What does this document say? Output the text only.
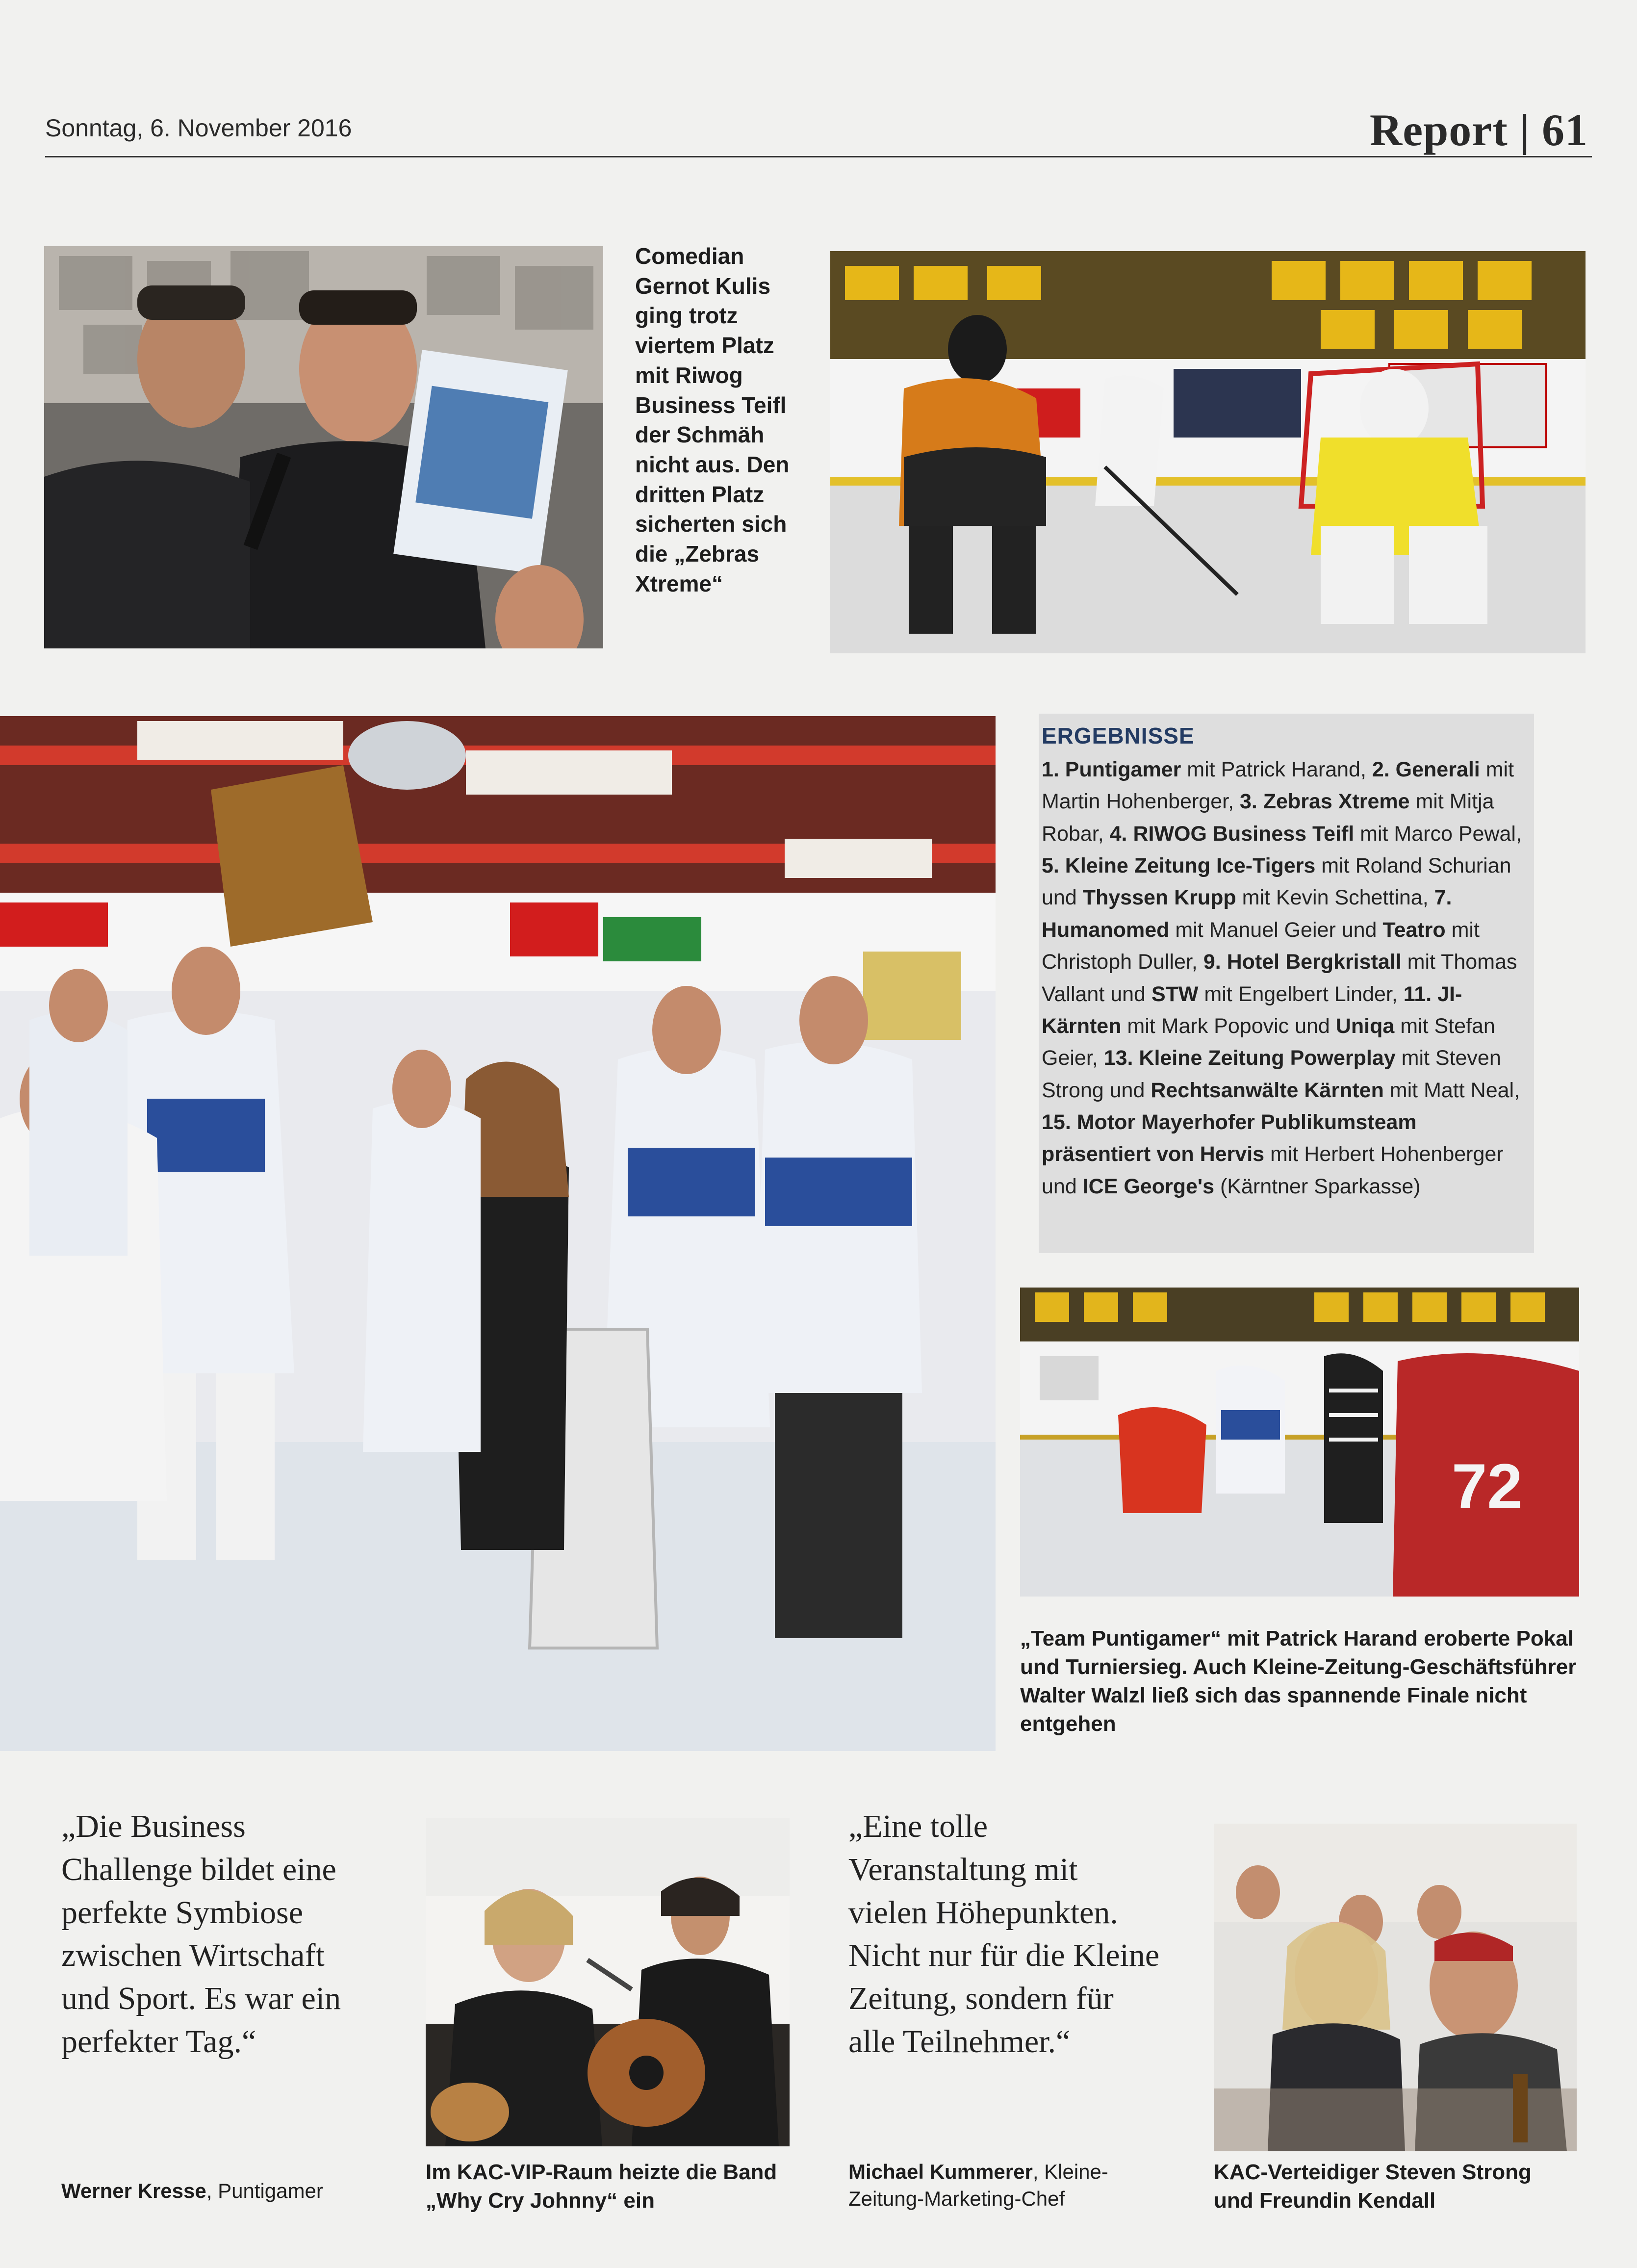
Sonntag, 6. November 2016	Report | 61
Comedian Gernot Kulis ging trotz viertem Platz mit Riwog Business Teifl der Schmäh nicht aus. Den dritten Platz sicherten sich die „Zebras Xtreme“
ERGEBNISSE
1. Puntigamer mit Patrick Harand, 2. Generali mit Martin Hohenberger, 3. Zebras Xtreme mit Mitja Robar, 4. RIWOG Business Teifl mit Marco Pewal, 5. Kleine Zeitung Ice-Tigers mit Roland Schurian und Thyssen Krupp mit Kevin Schettina, 7. Humanomed mit Manuel Geier und Teatro mit Christoph Duller, 9. Hotel Bergkristall mit Thomas Vallant und STW mit Engelbert Linder, 11. JI-Kärnten mit Mark Popovic und Uniqa mit Stefan Geier, 13. Kleine Zeitung Powerplay mit Steven Strong und Rechtsanwälte Kärnten mit Matt Neal, 15. Motor Mayerhofer Publikumsteam präsentiert von Hervis mit Herbert Hohenberger und ICE George's (Kärntner Sparkasse)
72
„Team Puntigamer“ mit Patrick Harand eroberte Pokal und Turniersieg. Auch Kleine-Zeitung-Geschäftsführer Walter Walzl ließ sich das spannende Finale nicht entgehen
„Die Business Challenge bildet eine perfekte Symbiose zwischen Wirtschaft und Sport. Es war ein perfekter Tag.“
Werner Kresse, Puntigamer
Im KAC-VIP-Raum heizte die Band „Why Cry Johnny“ ein
„Eine tolle Veranstaltung mit vielen Höhepunkten. Nicht nur für die Kleine Zeitung, sondern für alle Teilnehmer.“
Michael Kummerer, Kleine-Zeitung-Marketing-Chef
KAC-Verteidiger Steven Strong und Freundin Kendall
